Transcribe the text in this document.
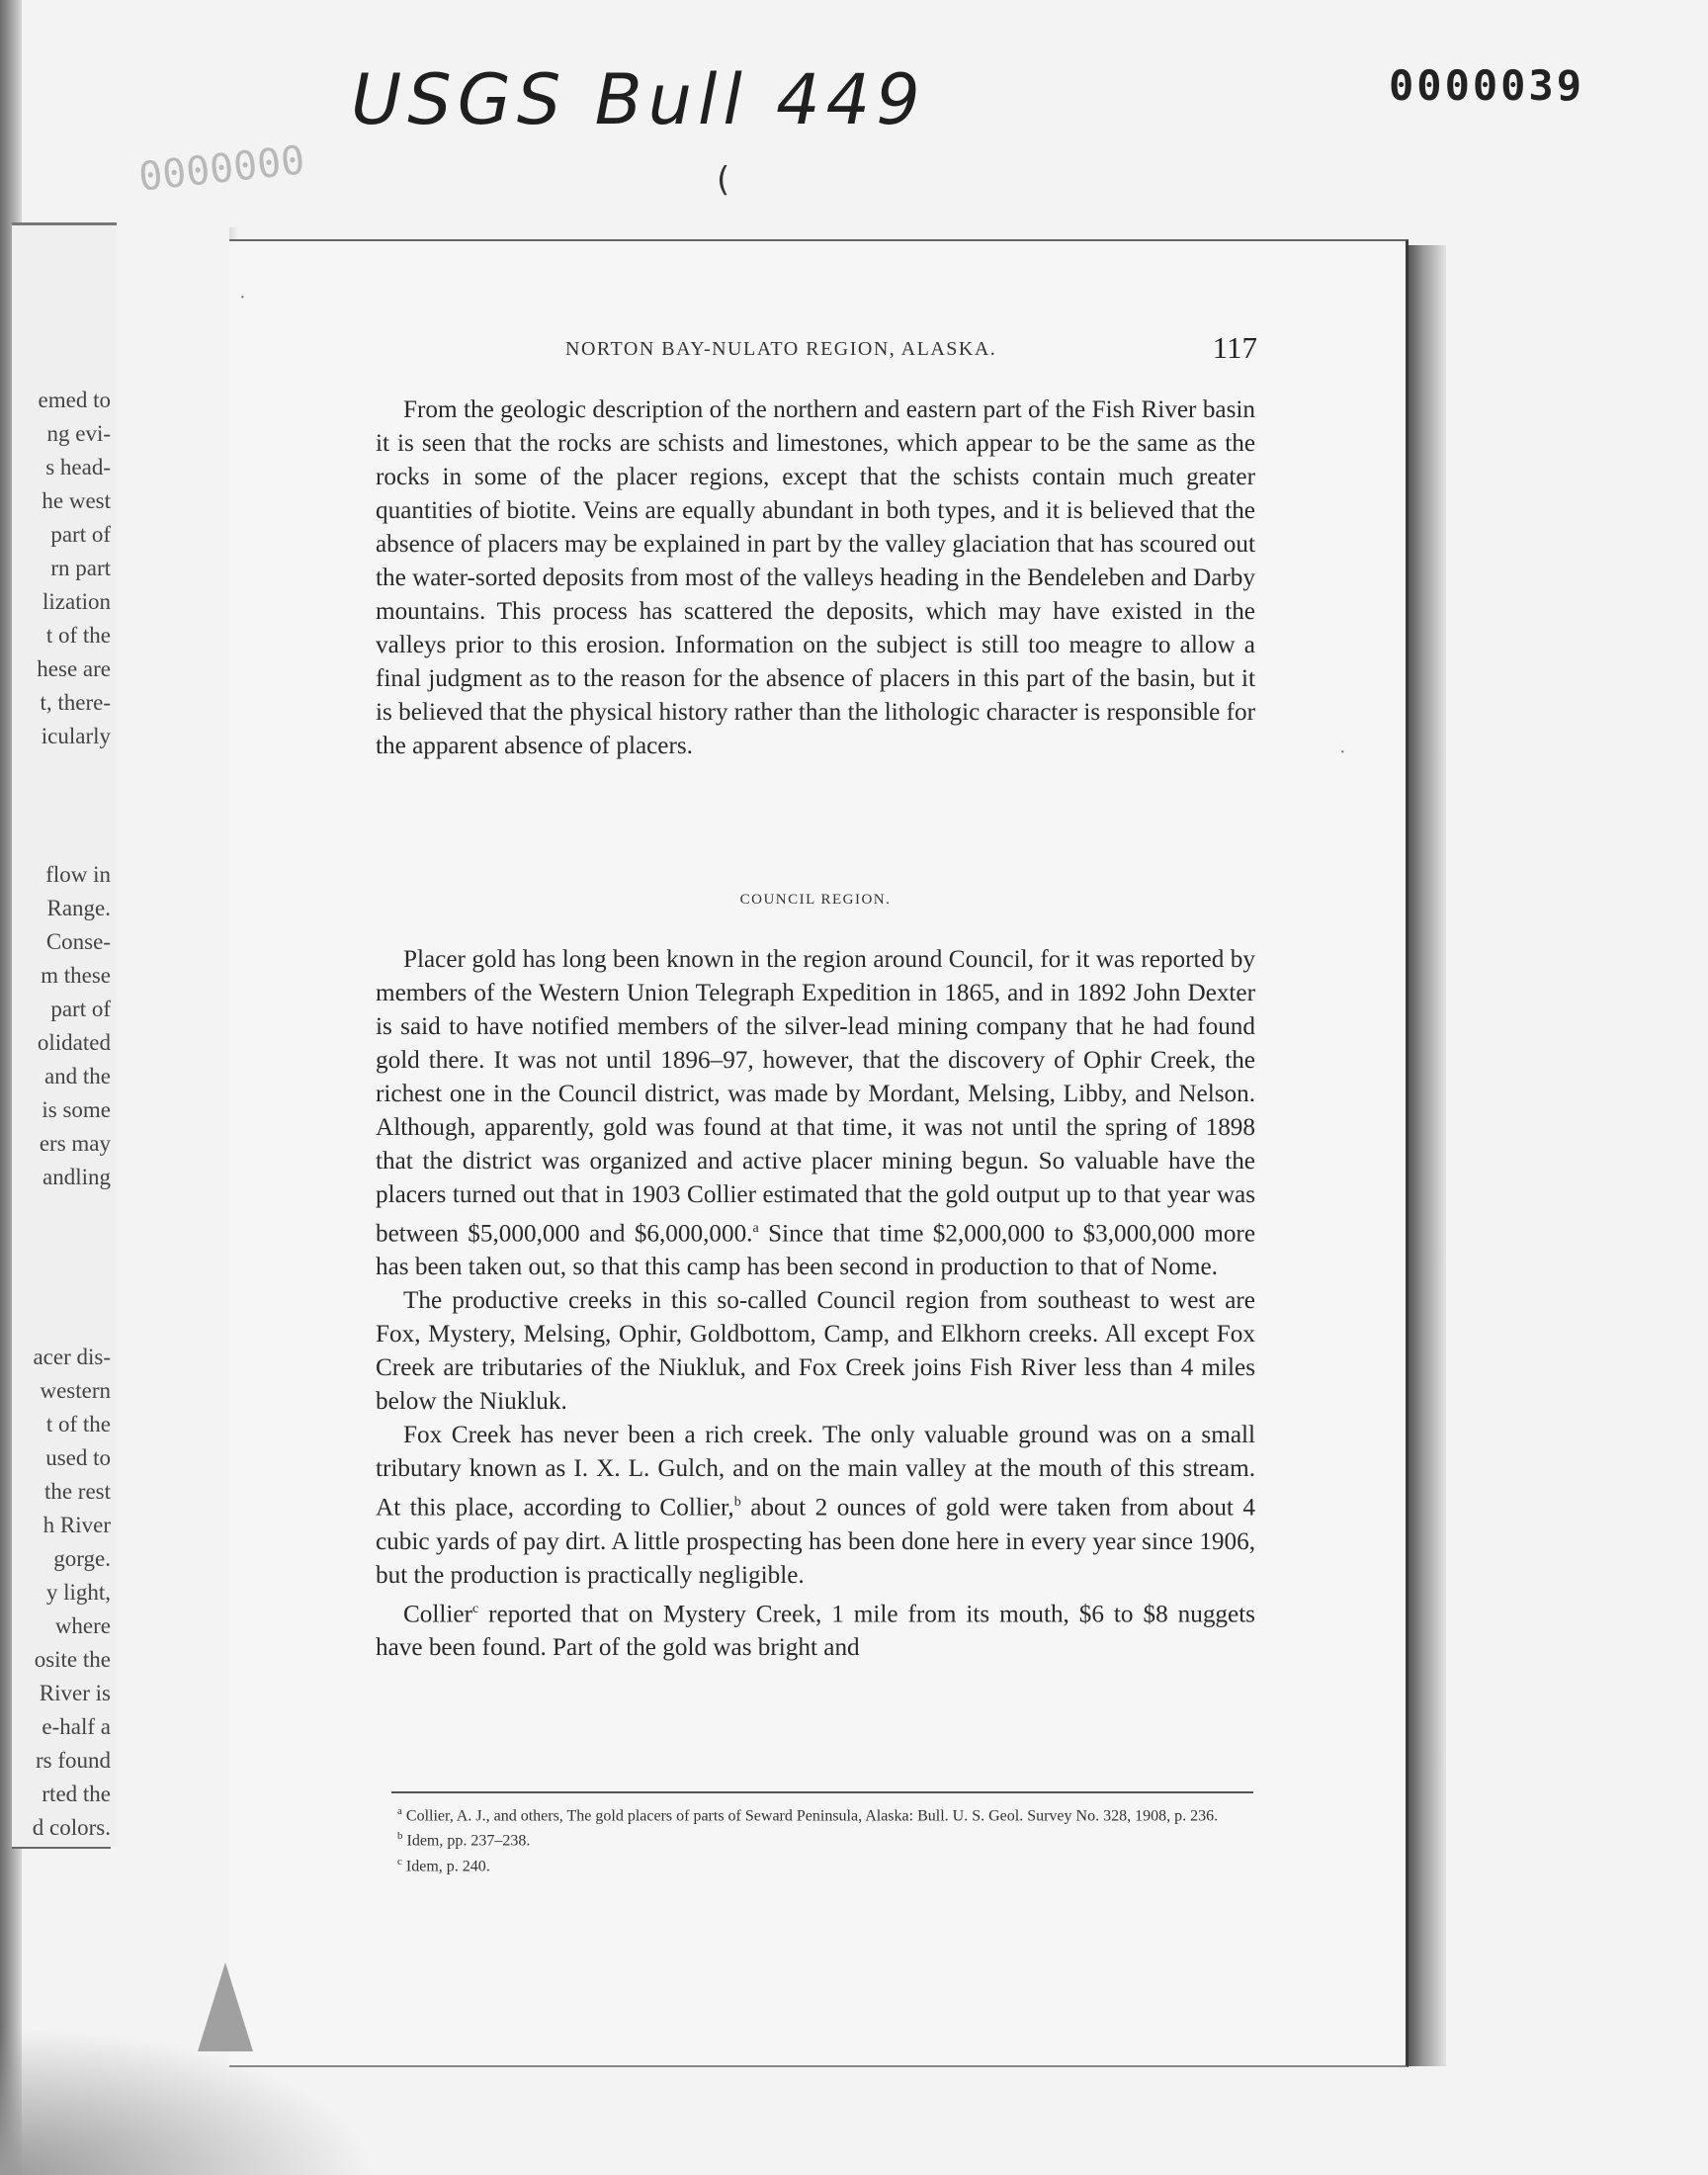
USGS Bull 449	0000039
0000000	(
emed to
ng evi-
s head-
he west
part of
rn part
lization
t of the
hese are
t, there-
icularly
flow in
Range.
Conse-
m these
part of
olidated
and the
is some
ers may
andling
acer dis-
western
t of the
used to
the rest
h River
gorge.
y light,
where
osite the
River is
e-half a
rs found
rted the
d colors.
·
·
NORTON BAY-NULATO REGION, ALASKA.	117

From the geologic description of the northern and eastern part of the Fish River basin it is seen that the rocks are schists and limestones, which appear to be the same as the rocks in some of the placer regions, except that the schists contain much greater quantities of biotite. Veins are equally abundant in both types, and it is believed that the absence of placers may be explained in part by the valley glaciation that has scoured out the water-sorted deposits from most of the valleys heading in the Bendeleben and Darby mountains. This process has scattered the deposits, which may have existed in the valleys prior to this erosion. Information on the subject is still too meagre to allow a final judgment as to the reason for the absence of placers in this part of the basin, but it is believed that the physical history rather than the lithologic character is responsible for the apparent absence of placers.

COUNCIL REGION.

Placer gold has long been known in the region around Council, for it was reported by members of the Western Union Telegraph Expedition in 1865, and in 1892 John Dexter is said to have notified members of the silver-lead mining company that he had found gold there. It was not until 1896–97, however, that the discovery of Ophir Creek, the richest one in the Council district, was made by Mordant, Melsing, Libby, and Nelson. Although, apparently, gold was found at that time, it was not until the spring of 1898 that the district was organized and active placer mining begun. So valuable have the placers turned out that in 1903 Collier estimated that the gold output up to that year was between $5,000,000 and $6,000,000.$^a$ Since that time $2,000,000 to $3,000,000 more has been taken out, so that this camp has been second in production to that of Nome.

The productive creeks in this so-called Council region from southeast to west are Fox, Mystery, Melsing, Ophir, Goldbottom, Camp, and Elkhorn creeks. All except Fox Creek are tributaries of the Niukluk, and Fox Creek joins Fish River less than 4 miles below the Niukluk.

Fox Creek has never been a rich creek. The only valuable ground was on a small tributary known as I. X. L. Gulch, and on the main valley at the mouth of this stream. At this place, according to Collier,$^b$ about 2 ounces of gold were taken from about 4 cubic yards of pay dirt. A little prospecting has been done here in every year since 1906, but the production is practically negligible.

Collier$^c$ reported that on Mystery Creek, 1 mile from its mouth, $6 to $8 nuggets have been found. Part of the gold was bright and

$^a$ Collier, A. J., and others, The gold placers of parts of Seward Peninsula, Alaska: Bull. U. S. Geol. Survey No. 328, 1908, p. 236.

$^b$ Idem, pp. 237–238.

$^c$ Idem, p. 240.
